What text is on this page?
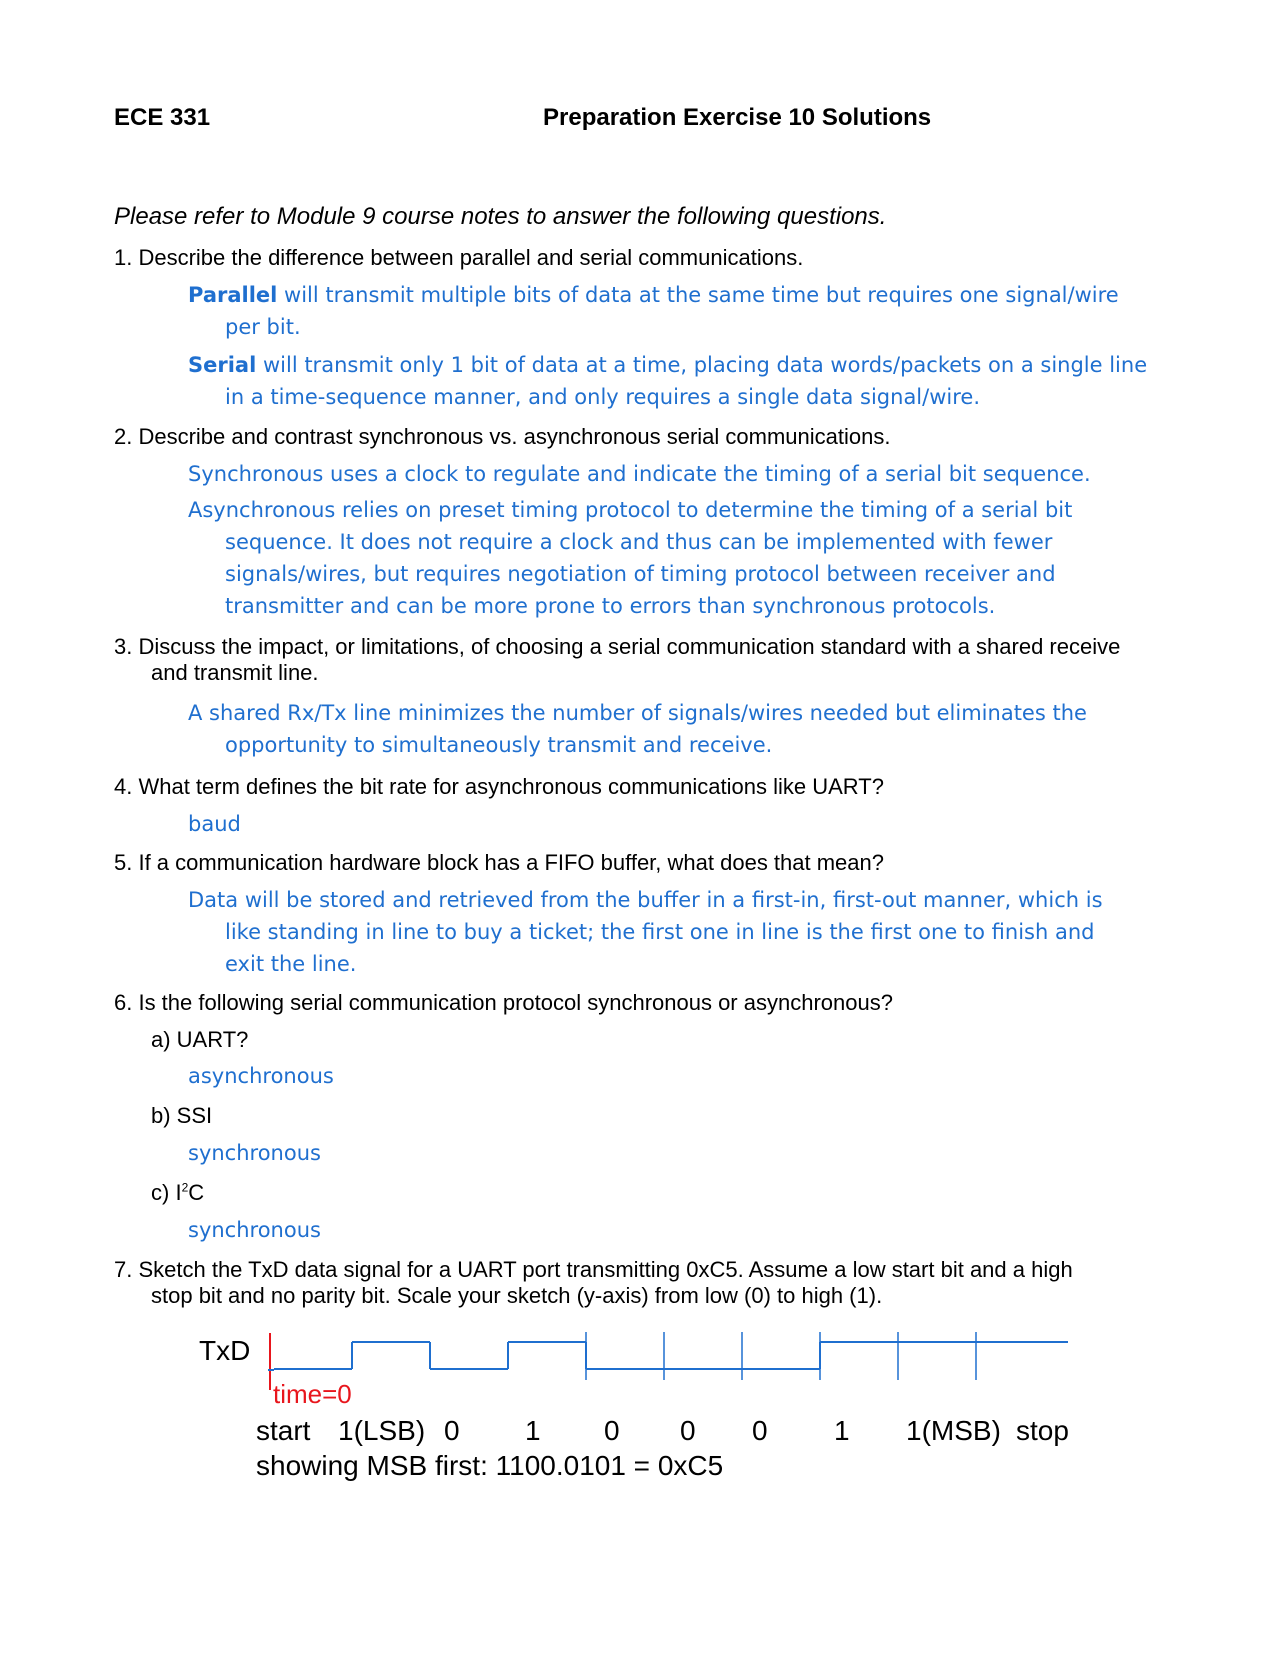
ECE 331	Preparation Exercise 10 Solutions
Please refer to Module 9 course notes to answer the following questions.
1. Describe the difference between parallel and serial communications.
Parallel will transmit multiple bits of data at the same time but requires one signal/wire
per bit.
Serial will transmit only 1 bit of data at a time, placing data words/packets on a single line
in a time-sequence manner, and only requires a single data signal/wire.
2. Describe and contrast synchronous vs. asynchronous serial communications.
Synchronous uses a clock to regulate and indicate the timing of a serial bit sequence.
Asynchronous relies on preset timing protocol to determine the timing of a serial bit
sequence. It does not require a clock and thus can be implemented with fewer
signals/wires, but requires negotiation of timing protocol between receiver and
transmitter and can be more prone to errors than synchronous protocols.
3. Discuss the impact, or limitations, of choosing a serial communication standard with a shared receive
and transmit line.
A shared Rx/Tx line minimizes the number of signals/wires needed but eliminates the
opportunity to simultaneously transmit and receive.
4. What term defines the bit rate for asynchronous communications like UART?
baud
5. If a communication hardware block has a FIFO buffer, what does that mean?
Data will be stored and retrieved from the buffer in a first-in, first-out manner, which is
like standing in line to buy a ticket; the first one in line is the first one to finish and
exit the line.
6. Is the following serial communication protocol synchronous or asynchronous?
a) UART?
asynchronous
b) SSI
synchronous
c) $I^2C$
synchronous
7. Sketch the TxD data signal for a UART port transmitting 0xC5. Assume a low start bit and a high
stop bit and no parity bit. Scale your sketch (y-axis) from low (0) to high (1).
TxD
time=0
start 1(LSB) 0 1 0 0 0 1 1(MSB) stop
showing MSB first: 1100.0101 = 0xC5
